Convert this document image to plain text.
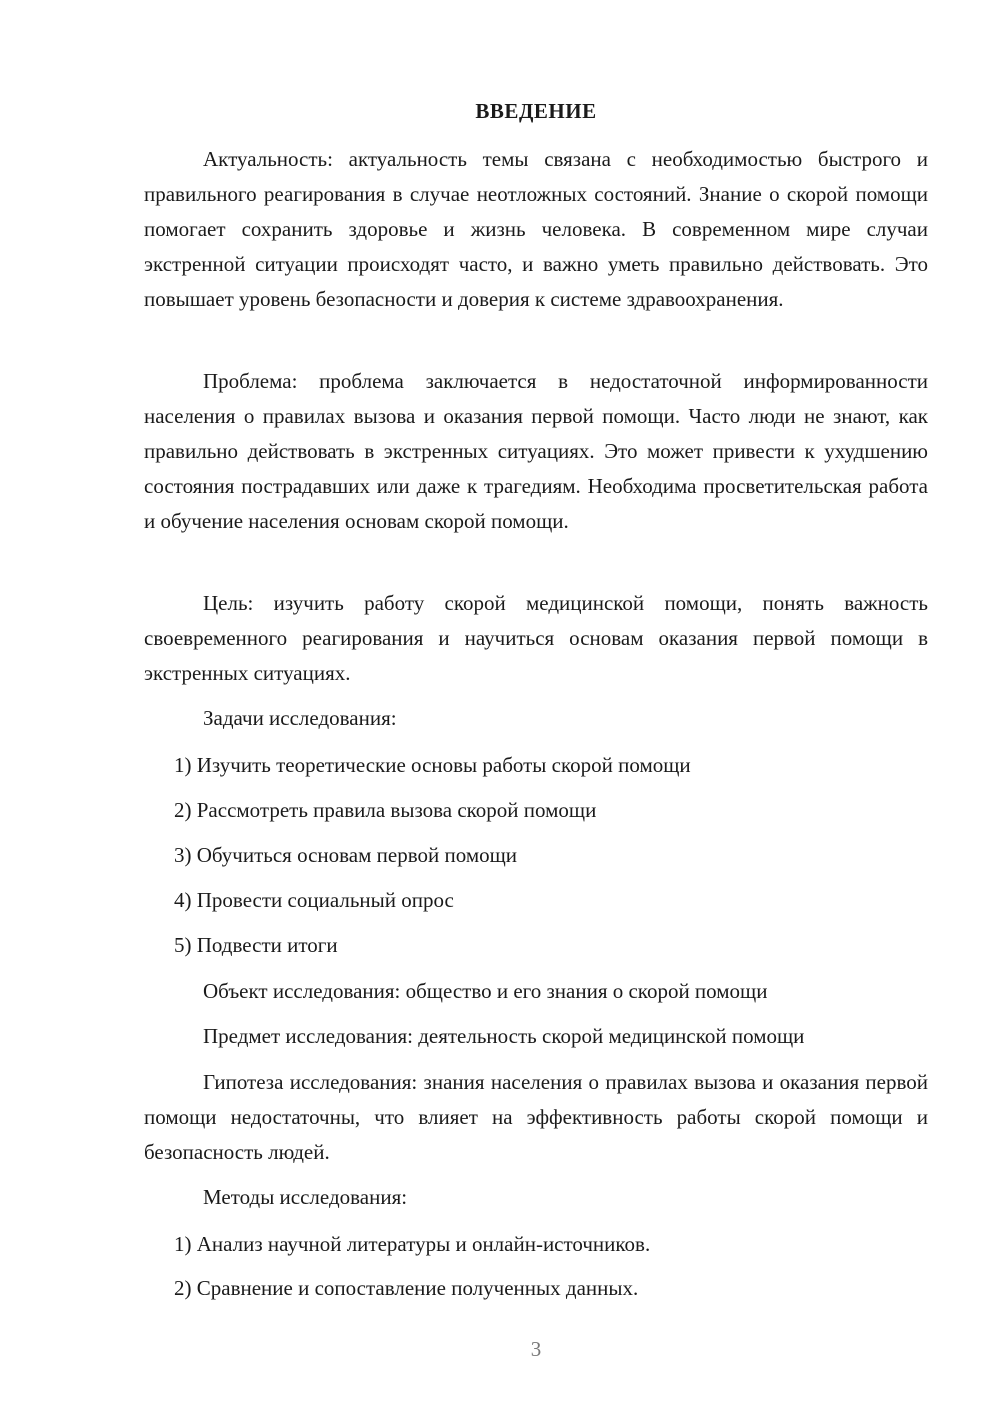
ВВЕДЕНИЕ

Актуальность: актуальность темы связана с необходимостью быстрого и правильного реагирования в случае неотложных состояний. Знание о скорой помощи помогает сохранить здоровье и жизнь человека. В современном мире случаи экстренной ситуации происходят часто, и важно уметь правильно действовать. Это повышает уровень безопасности и доверия к системе здравоохранения.

Проблема: проблема заключается в недостаточной информированности населения о правилах вызова и оказания первой помощи. Часто люди не знают, как правильно действовать в экстренных ситуациях. Это может привести к ухудшению состояния пострадавших или даже к трагедиям. Необходима просветительская работа и обучение населения основам скорой помощи.

Цель: изучить работу скорой медицинской помощи, понять важность своевременного реагирования и научиться основам оказания первой помощи в экстренных ситуациях.

Задачи исследования:

1) Изучить теоретические основы работы скорой помощи

2) Рассмотреть правила вызова скорой помощи

3) Обучиться основам первой помощи

4) Провести социальный опрос

5) Подвести итоги

Объект исследования: общество и его знания о скорой помощи

Предмет исследования: деятельность скорой медицинской помощи

Гипотеза исследования: знания населения о правилах вызова и оказания первой помощи недостаточны, что влияет на эффективность работы скорой помощи и безопасность людей.

Методы исследования:

1) Анализ научной литературы и онлайн-источников.

2) Сравнение и сопоставление полученных данных.

3
